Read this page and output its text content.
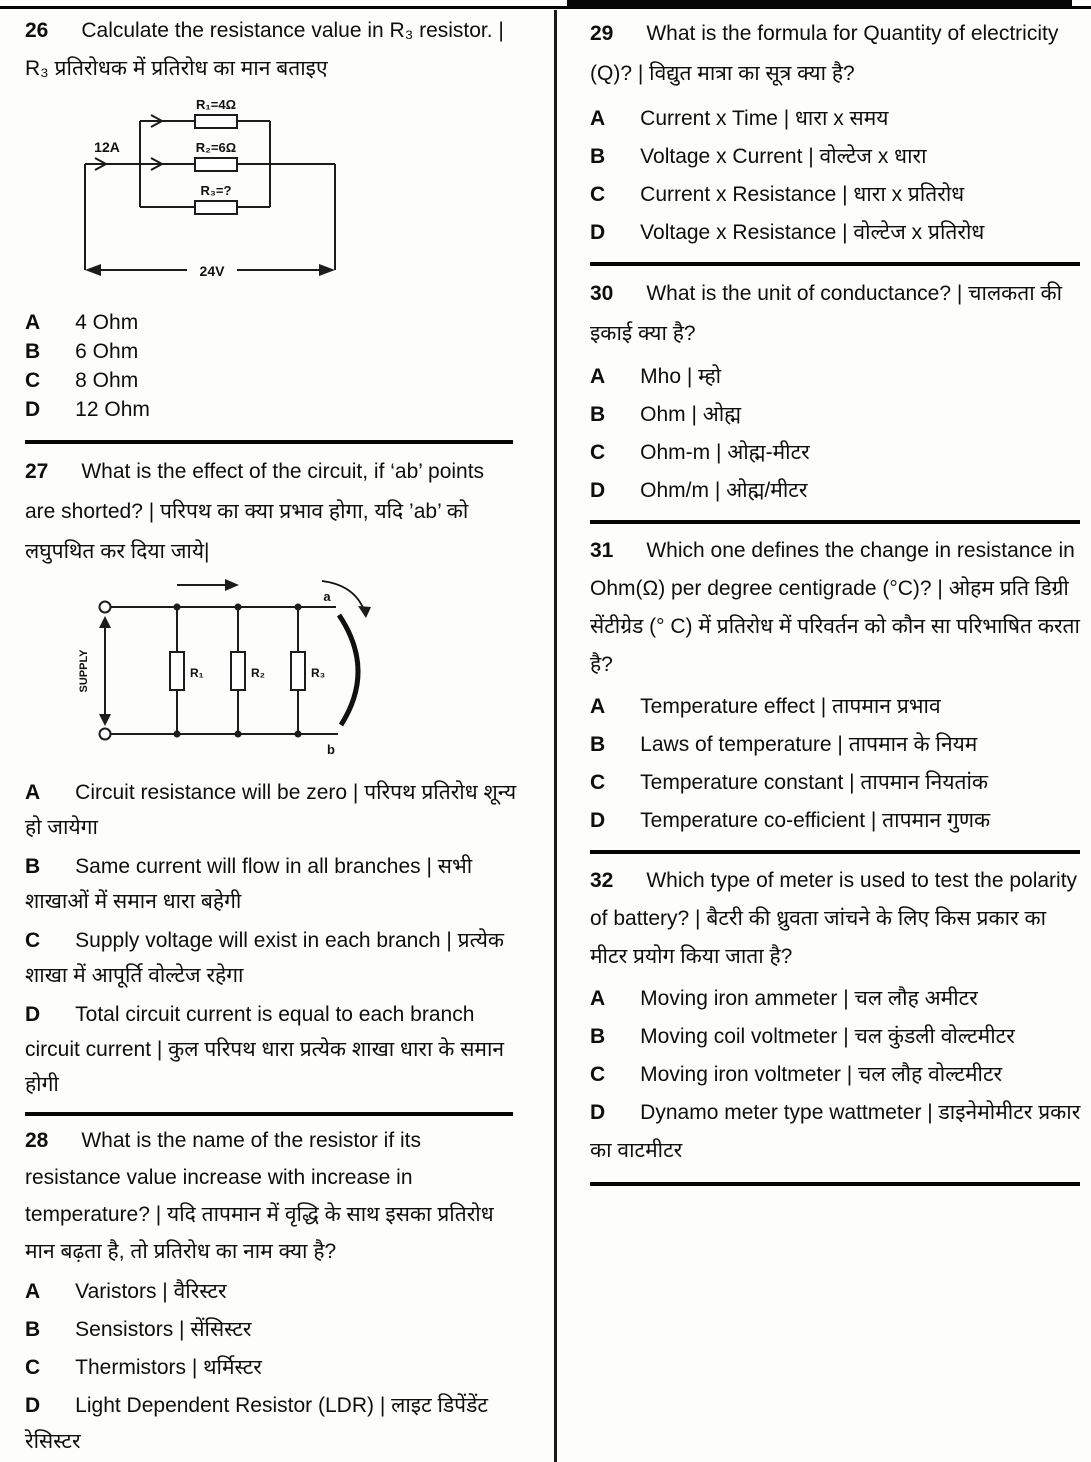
26 Calculate the resistance value in R₃ resistor. | R₃ प्रतिरोधक में प्रतिरोध का मान बताइए

R₁=4Ω
R₂=6Ω
R₃=?
12A
24V

A 4 Ohm

B 6 Ohm

C 8 Ohm

D 12 Ohm

27 What is the effect of the circuit, if ‘ab’ points are shorted? | परिपथ का क्या प्रभाव होगा, यदि ’ab’ को लघुपथित कर दिया जाये|

SUPPLY	R₁	R₂	R₃
a
b

A Circuit resistance will be zero | परिपथ प्रतिरोध शून्य हो जायेगा

B Same current will flow in all branches | सभी शाखाओं में समान धारा बहेगी

C Supply voltage will exist in each branch | प्रत्येक शाखा में आपूर्ति वोल्टेज रहेगा

D Total circuit current is equal to each branch circuit current | कुल परिपथ धारा प्रत्येक शाखा धारा के समान होगी

28 What is the name of the resistor if its resistance value increase with increase in temperature? | यदि तापमान में वृद्धि के साथ इसका प्रतिरोध मान बढ़ता है, तो प्रतिरोध का नाम क्या है?

A Varistors | वैरिस्टर

B Sensistors | सेंसिस्टर

C Thermistors | थर्मिस्टर

D Light Dependent Resistor (LDR) | लाइट डिपेंडेंट रेसिस्टर

29 What is the formula for Quantity of electricity (Q)? | विद्युत मात्रा का सूत्र क्या है?

A Current x Time | धारा x समय

B Voltage x Current | वोल्टेज x धारा

C Current x Resistance | धारा x प्रतिरोध

D Voltage x Resistance | वोल्टेज x प्रतिरोध

30 What is the unit of conductance? | चालकता की इकाई क्या है?

A Mho | म्हो

B Ohm | ओह्म

C Ohm-m | ओह्म-मीटर

D Ohm/m | ओह्म/मीटर

31 Which one defines the change in resistance in Ohm(Ω) per degree centigrade (°C)? | ओहम प्रति डिग्री सेंटीग्रेड (° C) में प्रतिरोध में परिवर्तन को कौन सा परिभाषित करता है?

A Temperature effect | तापमान प्रभाव

B Laws of temperature | तापमान के नियम

C Temperature constant | तापमान नियतांक

D Temperature co-efficient | तापमान गुणक

32 Which type of meter is used to test the polarity of battery? | बैटरी की ध्रुवता जांचने के लिए किस प्रकार का मीटर प्रयोग किया जाता है?

A Moving iron ammeter | चल लौह अमीटर

B Moving coil voltmeter | चल कुंडली वोल्टमीटर

C Moving iron voltmeter | चल लौह वोल्टमीटर

D Dynamo meter type wattmeter | डाइनेमोमीटर प्रकार का वाटमीटर
